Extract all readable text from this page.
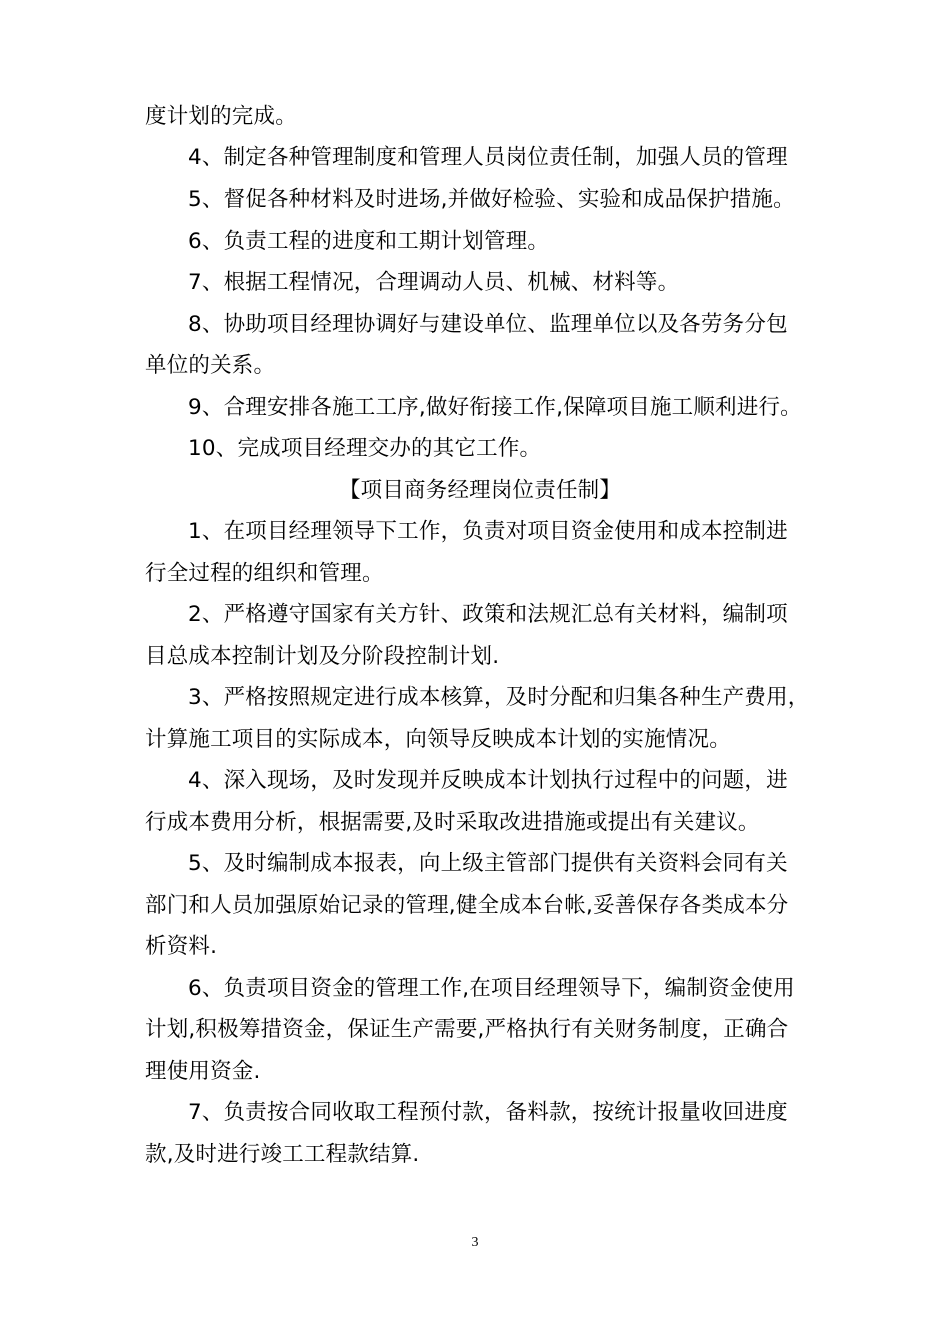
度计划的完成。
4、制定各种管理制度和管理人员岗位责任制，加强人员的管理
5、督促各种材料及时进场,并做好检验、实验和成品保护措施。
6、负责工程的进度和工期计划管理。
7、根据工程情况，合理调动人员、机械、材料等。
8、协助项目经理协调好与建设单位、监理单位以及各劳务分包
单位的关系。
9、合理安排各施工工序,做好衔接工作,保障项目施工顺利进行。
10、完成项目经理交办的其它工作。
【项目商务经理岗位责任制】
1、在项目经理领导下工作，负责对项目资金使用和成本控制进
行全过程的组织和管理。
2、严格遵守国家有关方针、政策和法规汇总有关材料，编制项
目总成本控制计划及分阶段控制计划.
3、严格按照规定进行成本核算，及时分配和归集各种生产费用，
计算施工项目的实际成本，向领导反映成本计划的实施情况。
4、深入现场，及时发现并反映成本计划执行过程中的问题，进
行成本费用分析，根据需要,及时采取改进措施或提出有关建议。
5、及时编制成本报表，向上级主管部门提供有关资料会同有关
部门和人员加强原始记录的管理,健全成本台帐,妥善保存各类成本分
析资料.
6、负责项目资金的管理工作,在项目经理领导下，编制资金使用
计划,积极筹措资金，保证生产需要,严格执行有关财务制度，正确合
理使用资金.
7、负责按合同收取工程预付款，备料款，按统计报量收回进度
款,及时进行竣工工程款结算.
3
